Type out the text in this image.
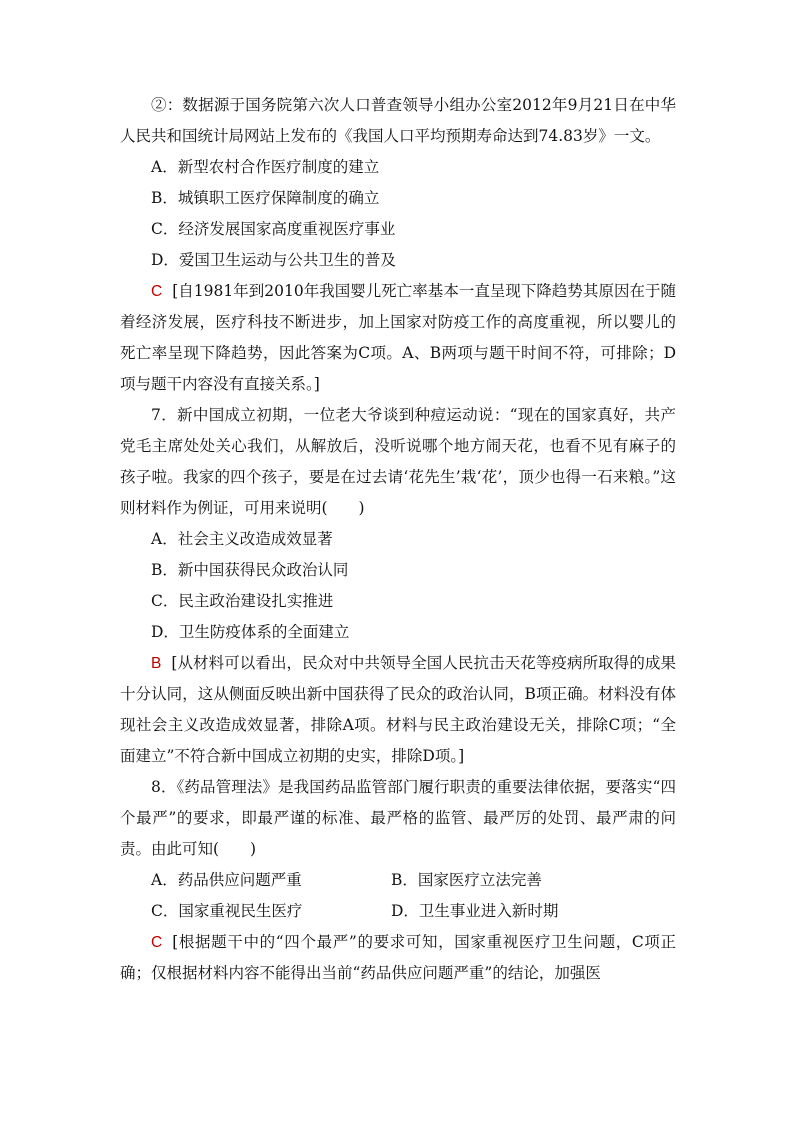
②：数据源于国务院第六次人口普查领导小组办公室2012年9月21日在中华人民共和国统计局网站上发布的《我国人口平均预期寿命达到74.83岁》一文。

A．新型农村合作医疗制度的建立

B．城镇职工医疗保障制度的确立

C．经济发展国家高度重视医疗事业

D．爱国卫生运动与公共卫生的普及

C [自1981年到2010年我国婴儿死亡率基本一直呈现下降趋势其原因在于随着经济发展，医疗科技不断进步，加上国家对防疫工作的高度重视，所以婴儿的死亡率呈现下降趋势，因此答案为C项。A、B两项与题干时间不符，可排除；D项与题干内容没有直接关系。]

7．新中国成立初期，一位老大爷谈到种痘运动说：“现在的国家真好，共产党毛主席处处关心我们，从解放后，没听说哪个地方闹天花，也看不见有麻子的孩子啦。我家的四个孩子，要是在过去请‘花先生’栽‘花’，顶少也得一石来粮。”这则材料作为例证，可用来说明(　　)

A．社会主义改造成效显著

B．新中国获得民众政治认同

C．民主政治建设扎实推进

D．卫生防疫体系的全面建立

B [从材料可以看出，民众对中共领导全国人民抗击天花等疫病所取得的成果十分认同，这从侧面反映出新中国获得了民众的政治认同，B项正确。材料没有体现社会主义改造成效显著，排除A项。材料与民主政治建设无关，排除C项；“全面建立”不符合新中国成立初期的史实，排除D项。]

8．《药品管理法》是我国药品监管部门履行职责的重要法律依据，要落实“四个最严”的要求，即最严谨的标准、最严格的监管、最严厉的处罚、最严肃的问责。由此可知(　　)

A．药品供应问题严重	B．国家医疗立法完善
C．国家重视民生医疗	D．卫生事业进入新时期

C [根据题干中的“四个最严”的要求可知，国家重视医疗卫生问题，C项正确；仅根据材料内容不能得出当前“药品供应问题严重”的结论，加强医
